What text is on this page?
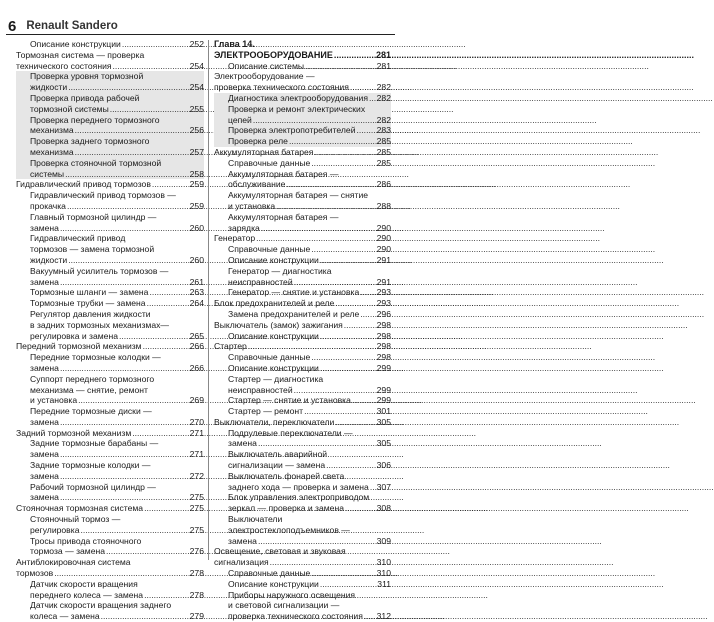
6 Renault Sandero
Описание конструкции .....	252
Тормозная система — проверка
технического состояния .....	254
Проверка уровня тормозной
жидкости .....	254
Проверка привода рабочей
тормозной системы .....	255
Проверка переднего тормозного
механизма .....	256
Проверка заднего тормозного
механизма .....	257
Проверка стояночной тормозной
системы .....	258
Гидравлический привод тормозов .....	259
Гидравлический привод тормозов —
прокачка .....	259
Главный тормозной цилиндр —
замена .....	260
Гидравлический привод
тормозов — замена тормозной
жидкости .....	260
Вакуумный усилитель тормозов —
замена .....	261
Тормозные шланги — замена .....	263
Тормозные трубки — замена .....	264
Регулятор давления жидкости
в задних тормозных механизмах—
регулировка и замена .....	265
Передний тормозной механизм .....	266
Передние тормозные колодки —
замена .....	266
Суппорт переднего тормозного
механизма — снятие, ремонт
и установка .....	269
Передние тормозные диски —
замена .....	270
Задний тормозной механизм .....	271
Задние тормозные барабаны —
замена .....	271
Задние тормозные колодки —
замена .....	272
Рабочий тормозной цилиндр —
замена .....	275
Стояночная тормозная система .....	275
Стояночный тормоз —
регулировка .....	275
Тросы привода стояночного
тормоза — замена .....	276
Антиблокировочная система
тормозов .....	278
Датчик скорости вращения
переднего колеса — замена .....	278
Датчик скорости вращения заднего
колеса — замена .....	279
Глава 14.
ЭЛЕКТРООБОРУДОВАНИЕ .....	281
Описание системы .....	281
Электрооборудование —
проверка технического состояния .....	282
Диагностика электрооборудования ..... 282
Проверка и ремонт электрических
цепей .....	282
Проверка электропотребителей ..... 283
Проверка реле .....	285
Аккумуляторная батарея .....	285
Справочные данные .....	285
Аккумуляторная батарея —
обслуживание .....	286
Аккумуляторная батарея — снятие
и установка .....	288
Аккумуляторная батарея —
зарядка .....	290
Генератор .....	290
Справочные данные .....	290
Описание конструкции .....	291
Генератор — диагностика
неисправностей .....	291
Генератор — снятие и установка ..... 293
Блок предохранителей и реле .....	293
Замена предохранителей и реле ..... 296
Выключатель (замок) зажигания .....	298
Описание конструкции .....	298
Стартер .....	298
Справочные данные .....	298
Описание конструкции .....	299
Стартер — диагностика
неисправностей .....	299
Стартер — снятие и установка .....	299
Стартер — ремонт .....	301
Выключатели, переключатели .....	305
Подрулевые переключатели —
замена .....	305
Выключатель аварийной
сигнализации — замена .....	306
Выключатель фонарей света
заднего хода — проверка и замена ..... 307
Блок управления электроприводом
зеркал — проверка и замена .....	308
Выключатели
электростеклоподъемников —
замена .....	309
Освещение, световая и звуковая
сигнализация .....	310
Справочные данные .....	310
Описание конструкции .....	311
Приборы наружного освещения
и световой сигнализации —
проверка технического состояния ..... 312
